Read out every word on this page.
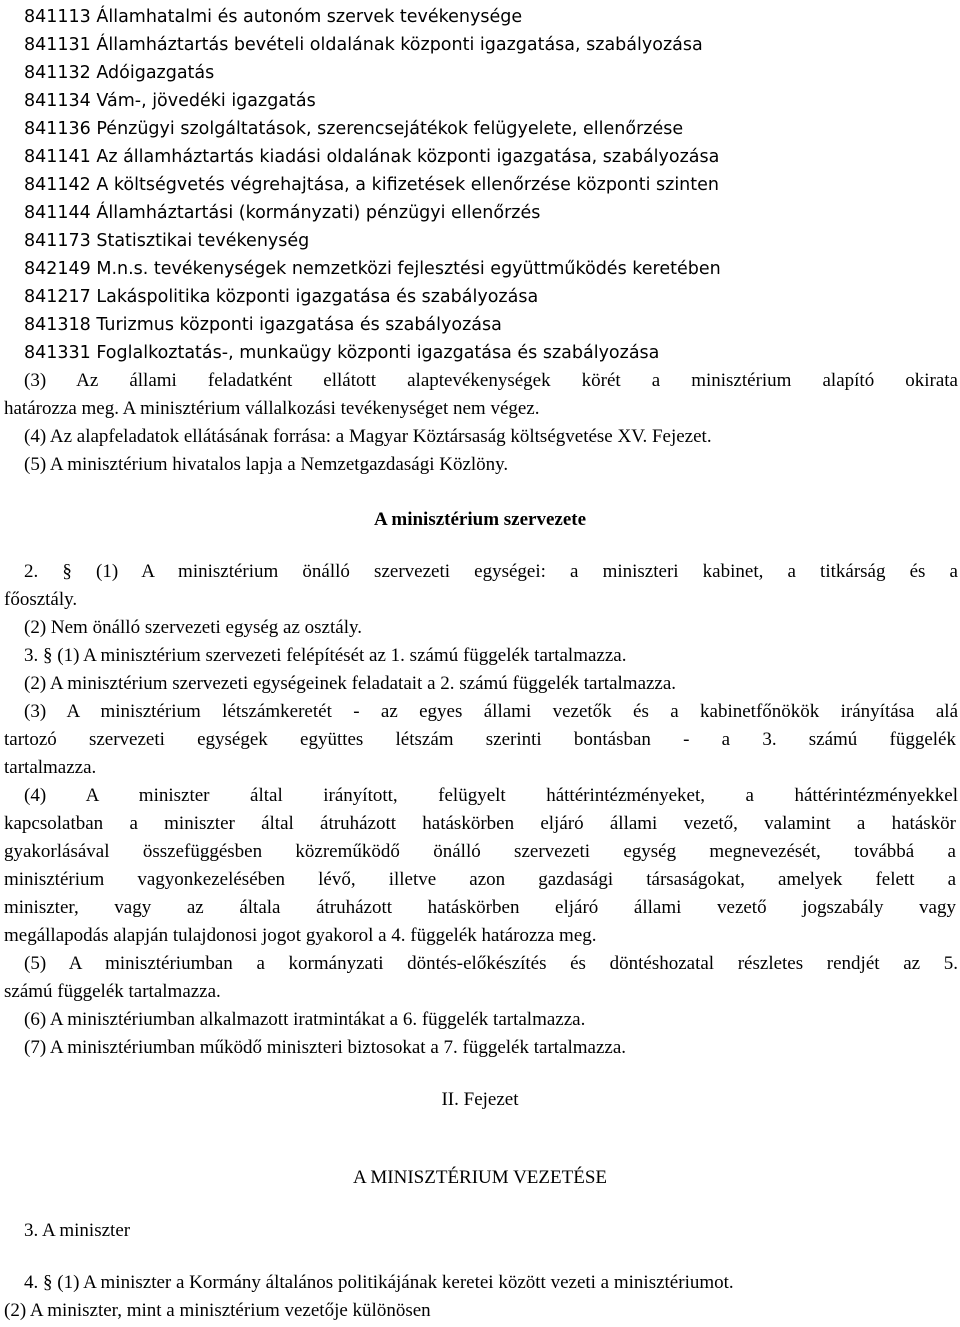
841113 Államhatalmi és autonóm szervek tevékenysége
841131 Államháztartás bevételi oldalának központi igazgatása, szabályozása
841132 Adóigazgatás
841134 Vám-, jövedéki igazgatás
841136 Pénzügyi szolgáltatások, szerencsejátékok felügyelete, ellenőrzése
841141 Az államháztartás kiadási oldalának központi igazgatása, szabályozása
841142 A költségvetés végrehajtása, a kifizetések ellenőrzése központi szinten
841144 Államháztartási (kormányzati) pénzügyi ellenőrzés
841173 Statisztikai tevékenység
842149 M.n.s. tevékenységek nemzetközi fejlesztési együttműködés keretében
841217 Lakáspolitika központi igazgatása és szabályozása
841318 Turizmus központi igazgatása és szabályozása
841331 Foglalkoztatás-, munkaügy központi igazgatása és szabályozása
(3) Az állami feladatként ellátott alaptevékenységek körét a minisztérium alapító okirata
határozza meg. A minisztérium vállalkozási tevékenységet nem végez.
(4) Az alapfeladatok ellátásának forrása: a Magyar Köztársaság költségvetése XV. Fejezet.
(5) A minisztérium hivatalos lapja a Nemzetgazdasági Közlöny.
A minisztérium szervezete
2. § (1) A minisztérium önálló szervezeti egységei: a miniszteri kabinet, a titkárság és a
főosztály.
(2) Nem önálló szervezeti egység az osztály.
3. § (1) A minisztérium szervezeti felépítését az 1. számú függelék tartalmazza.
(2) A minisztérium szervezeti egységeinek feladatait a 2. számú függelék tartalmazza.
(3) A minisztérium létszámkeretét - az egyes állami vezetők és a kabinetfőnökök irányítása alá
tartozó szervezeti egységek együttes létszám szerinti bontásban - a 3. számú függelék
tartalmazza.
(4) A miniszter által irányított, felügyelt háttérintézményeket, a háttérintézményekkel
kapcsolatban a miniszter által átruházott hatáskörben eljáró állami vezető, valamint a hatáskör
gyakorlásával összefüggésben közreműködő önálló szervezeti egység megnevezését, továbbá a
minisztérium vagyonkezelésében lévő, illetve azon gazdasági társaságokat, amelyek felett a
miniszter, vagy az általa átruházott hatáskörben eljáró állami vezető jogszabály vagy
megállapodás alapján tulajdonosi jogot gyakorol a 4. függelék határozza meg.
(5) A minisztériumban a kormányzati döntés-előkészítés és döntéshozatal részletes rendjét az 5.
számú függelék tartalmazza.
(6) A minisztériumban alkalmazott iratmintákat a 6. függelék tartalmazza.
(7) A minisztériumban működő miniszteri biztosokat a 7. függelék tartalmazza.
II. Fejezet
A MINISZTÉRIUM VEZETÉSE
3. A miniszter
4. § (1) A miniszter a Kormány általános politikájának keretei között vezeti a minisztériumot.
(2) A miniszter, mint a minisztérium vezetője különösen
